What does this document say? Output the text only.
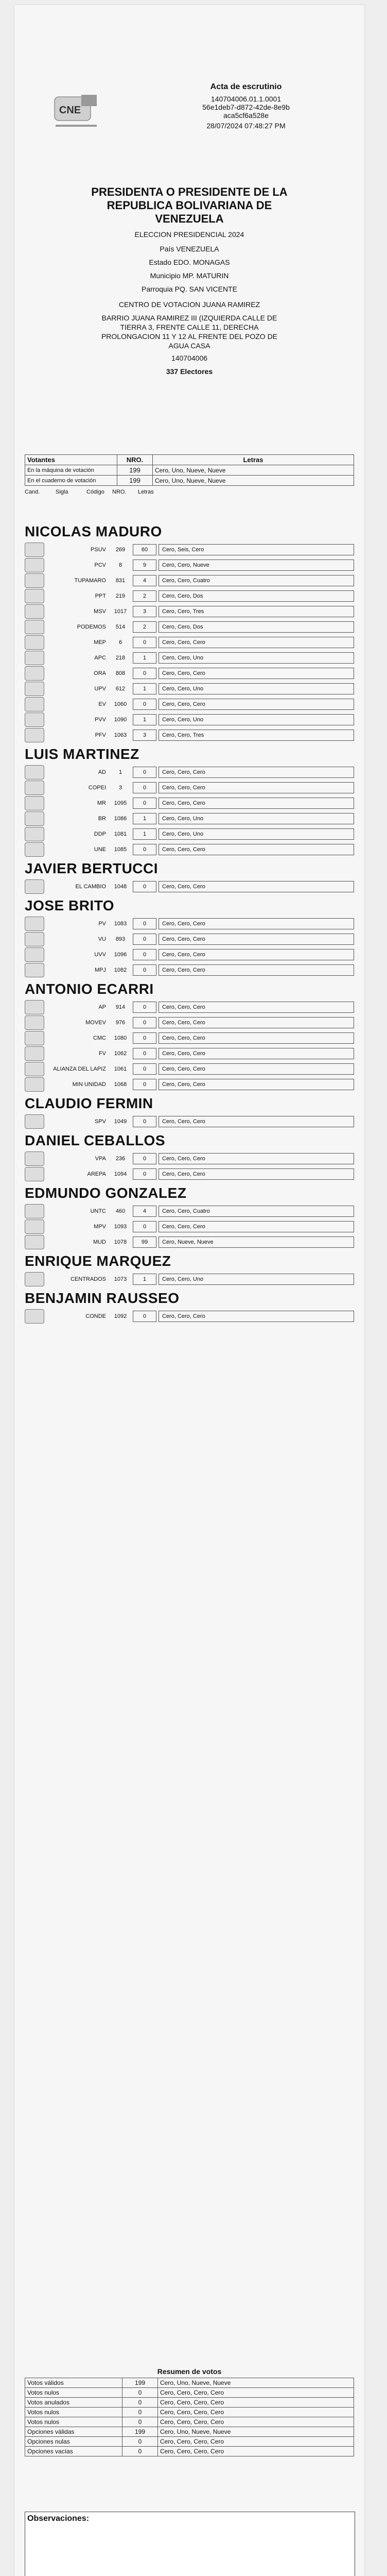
CNE
Acta de escrutinio
140704006.01.1.0001
56e1deb7-d872-42de-8e9b
aca5cf6a528e
28/07/2024 07:48:27 PM
PRESIDENTA O PRESIDENTE DE LA REPUBLICA BOLIVARIANA DE VENEZUELA
ELECCION PRESIDENCIAL 2024
País VENEZUELA
Estado EDO. MONAGAS
Municipio MP. MATURIN
Parroquia PQ. SAN VICENTE
CENTRO DE VOTACION JUANA RAMIREZ
BARRIO JUANA RAMIREZ III (IZQUIERDA CALLE DE TIERRA 3, FRENTE CALLE 11, DERECHA PROLONGACION 11 Y 12 AL FRENTE DEL POZO DE AGUA CASA
140704006
337 Electores
Votantes	NRO.	Letras
En la máquina de votación	199	Cero, Uno, Nueve, Nueve
En el cuaderno de votación	199	Cero, Uno, Nueve, Nueve
Cand.	Sigla	Código	NRO.	Letras
NICOLAS MADURO
PSUV	269	60	Cero, Seis, Cero
PCV	8	9	Cero, Cero, Nueve
TUPAMARO	831	4	Cero, Cero, Cuatro
PPT	219	2	Cero, Cero, Dos
MSV	1017	3	Cero, Cero, Tres
PODEMOS	514	2	Cero, Cero, Dos
MEP	6	0	Cero, Cero, Cero
APC	218	1	Cero, Cero, Uno
ORA	808	0	Cero, Cero, Cero
UPV	612	1	Cero, Cero, Uno
EV	1060	0	Cero, Cero, Cero
PVV	1090	1	Cero, Cero, Uno
PFV	1063	3	Cero, Cero, Tres
LUIS MARTINEZ
AD	1	0	Cero, Cero, Cero
COPEI	3	0	Cero, Cero, Cero
MR	1095	0	Cero, Cero, Cero
BR	1086	1	Cero, Cero, Uno
DDP	1081	1	Cero, Cero, Uno
UNE	1085	0	Cero, Cero, Cero
JAVIER BERTUCCI
EL CAMBIO	1048	0	Cero, Cero, Cero
JOSE BRITO
PV	1083	0	Cero, Cero, Cero
VU	893	0	Cero, Cero, Cero
UVV	1096	0	Cero, Cero, Cero
MPJ	1082	0	Cero, Cero, Cero
ANTONIO ECARRI
AP	914	0	Cero, Cero, Cero
MOVEV	976	0	Cero, Cero, Cero
CMC	1080	0	Cero, Cero, Cero
FV	1062	0	Cero, Cero, Cero
ALIANZA DEL LAPIZ	1061	0	Cero, Cero, Cero
MIN UNIDAD	1068	0	Cero, Cero, Cero
CLAUDIO FERMIN
SPV	1049	0	Cero, Cero, Cero
DANIEL CEBALLOS
VPA	236	0	Cero, Cero, Cero
AREPA	1094	0	Cero, Cero, Cero
EDMUNDO GONZALEZ
UNTC	460	4	Cero, Cero, Cuatro
MPV	1093	0	Cero, Cero, Cero
MUD	1078	99	Cero, Nueve, Nueve
ENRIQUE MARQUEZ
CENTRADOS	1073	1	Cero, Cero, Uno
BENJAMIN RAUSSEO
CONDE	1092	0	Cero, Cero, Cero
Resumen de votos
Votos válidos	199	Cero, Uno, Nueve, Nueve
Votos nulos	0	Cero, Cero, Cero, Cero
Votos anulados	0	Cero, Cero, Cero, Cero
Votos nulos	0	Cero, Cero, Cero, Cero
Votos nulos	0	Cero, Cero, Cero, Cero
Opciones válidas	199	Cero, Uno, Nueve, Nueve
Opciones nulas	0	Cero, Cero, Cero, Cero
Opciones vacías	0	Cero, Cero, Cero, Cero
Observaciones:
